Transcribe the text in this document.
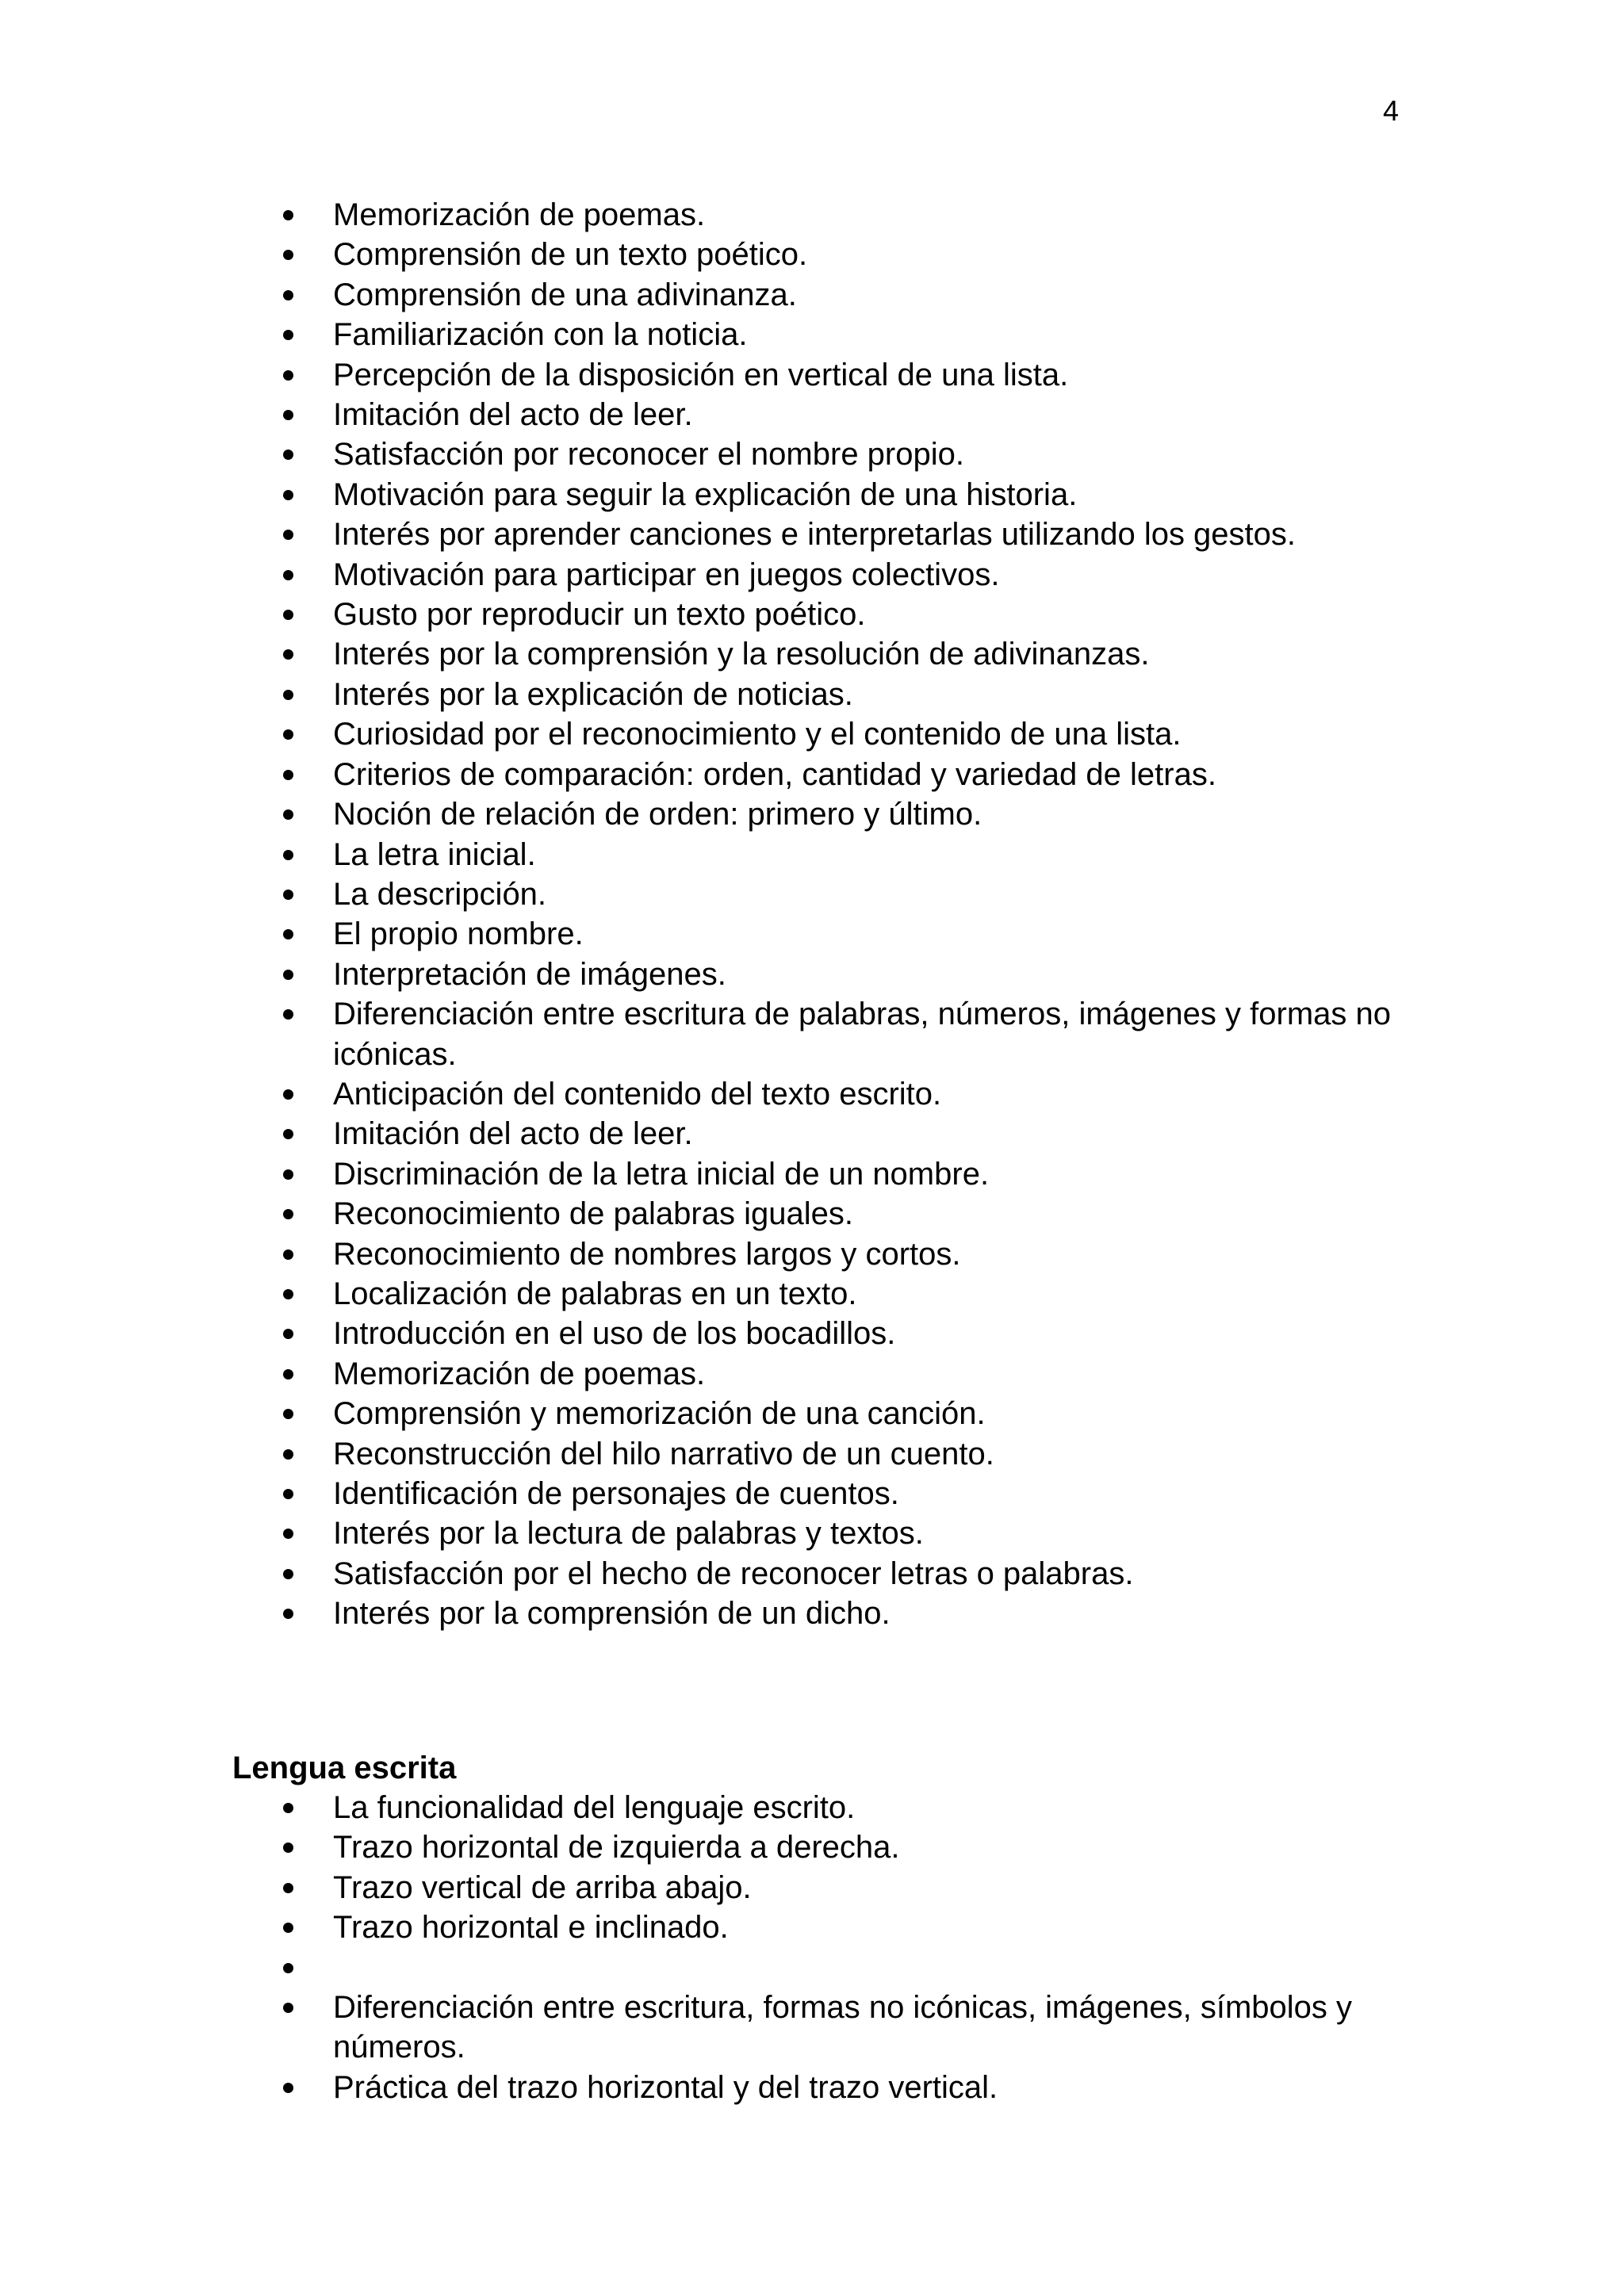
4
Memorización de poemas.
Comprensión de un texto poético.
Comprensión de una adivinanza.
Familiarización con la noticia.
Percepción de la disposición en vertical de una lista.
Imitación del acto de leer.
Satisfacción por reconocer el nombre propio.
Motivación para seguir la explicación de una historia.
Interés por aprender canciones e interpretarlas utilizando los gestos.
Motivación para participar en juegos colectivos.
Gusto por reproducir un texto poético.
Interés por la comprensión y la resolución de adivinanzas.
Interés por la explicación de noticias.
Curiosidad por el reconocimiento y el contenido de una lista.
Criterios de comparación: orden, cantidad y variedad de letras.
Noción de relación de orden: primero y último.
La letra inicial.
La descripción.
El propio nombre.
Interpretación de imágenes.
Diferenciación entre escritura de palabras, números, imágenes y formas no icónicas.
Anticipación del contenido del texto escrito.
Imitación del acto de leer.
Discriminación de la letra inicial de un nombre.
Reconocimiento de palabras iguales.
Reconocimiento de nombres largos y cortos.
Localización de palabras en un texto.
Introducción en el uso de los bocadillos.
Memorización de poemas.
Comprensión y memorización de una canción.
Reconstrucción del hilo narrativo de un cuento.
Identificación de personajes de cuentos.
Interés por la lectura de palabras y textos.
Satisfacción por el hecho de reconocer letras o palabras.
Interés por la comprensión de un dicho.
Lengua escrita
La funcionalidad del lenguaje escrito.
Trazo horizontal de izquierda a derecha.
Trazo vertical de arriba abajo.
Trazo horizontal e inclinado.
Diferenciación entre escritura, formas no icónicas, imágenes, símbolos y números.
Práctica del trazo horizontal y del trazo vertical.
